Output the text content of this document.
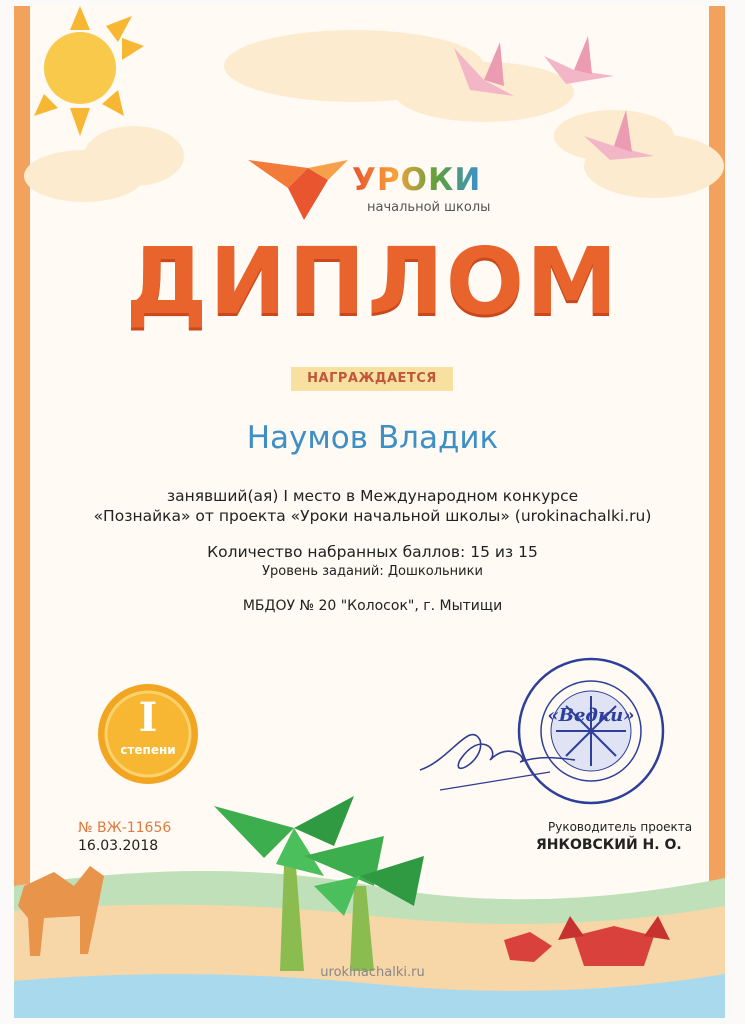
УРОКИ
начальной школы
ДИПЛОМ
НАГРАЖДАЕТСЯ
Наумов Владик
занявший(ая) I место в Международном конкурсе
«Познайка» от проекта «Уроки начальной школы» (urokinachalki.ru)
Количество набранных баллов: 15 из 15
Уровень заданий: Дошкольники
МБДОУ № 20 "Колосок", г. Мытищи
I
степени
№ ВЖ-11656
16.03.2018
«Ведки»
Руководитель проекта
ЯНКОВСКИЙ Н. О.
urokinachalki.ru
